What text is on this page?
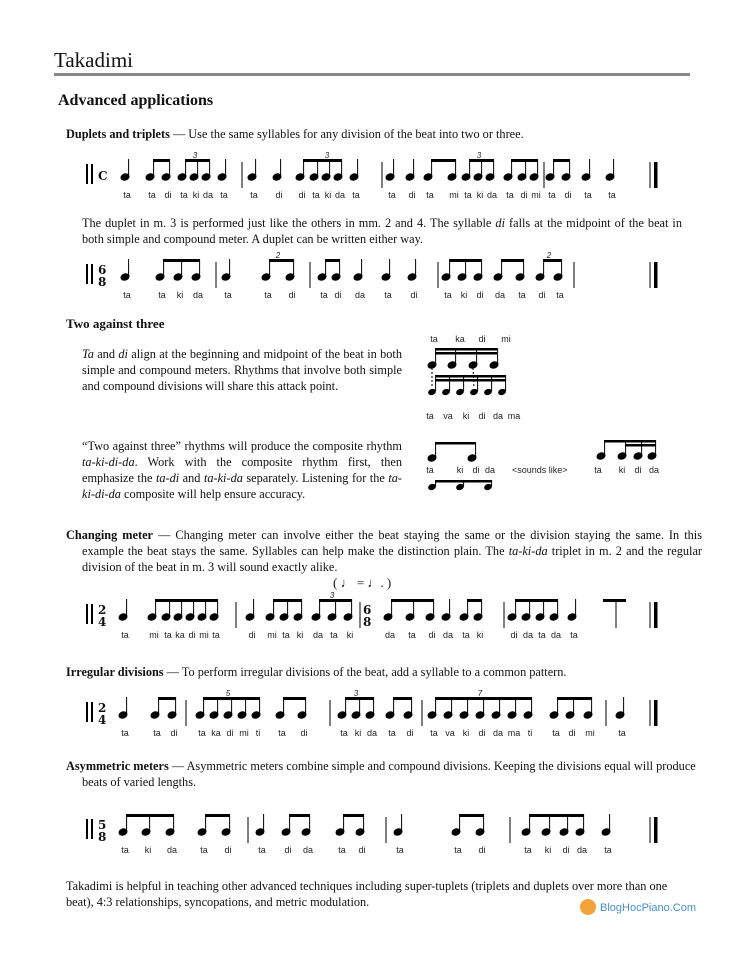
Takadimi
Advanced applications
Duplets and triplets — Use the same syllables for any division of the beat into two or three.
3	3	3
C
ta ta di ta ki da ta ta di di ta ki da ta	ta di ta mi ta ki da ta di mi ta di ta ta
The duplet in m. 3 is performed just like the others in mm. 2 and 4. The syllable di falls at the midpoint of the beat in both simple and compound meter. A duplet can be written either way.
2	2
6
8
ta	ta ki da ta	ta di	ta di da ta di	ta ki di da ta di ta
Two against three
Ta and di align at the beginning and midpoint of the beat in both simple and compound meters. Rhythms that involve both simple and compound divisions will share this attack point.
ta ka di mi
ta va ki di da ma
“Two against three” rhythms will produce the composite rhythm ta-ki-di-da. Work with the composite rhythm first, then emphasize the ta-di and ta-ki-da separately. Listening for the ta-ki-di-da composite will help ensure accuracy.
ta	ki di da	ta ki di da
<sounds like>
Changing meter — Changing meter can involve either the beat staying the same or the division staying the same. In this example the beat stays the same. Syllables can help make the distinction plain. The ta-ki-da triplet in m. 2 and the regular division of the beat in m. 3 will sound exactly alike.
( ♩ = ♩. )
3
2
4
6
8
ta mi ta ka di mi ta	di mi ta ki da ta ki	da ta di da ta ki	di da ta da ta
Irregular divisions — To perform irregular divisions of the beat, add a syllable to a common pattern.
5	3	7
2
4
ta	ta di ta ka di mi ti ta di	ta ki da ta di ta va ki di da ma ti ta di mi	ta
Asymmetric meters — Asymmetric meters combine simple and compound divisions. Keeping the divisions equal will produce beats of varied lengths.
5
8
ta ki da	ta di	ta di da	ta di	ta	ta di	ta ki di da ta
Takadimi is helpful in teaching other advanced techniques including super-tuplets (triplets and duplets over more than one beat), 4:3 relationships, syncopations, and metric modulation.	BlogHocPiano.Com
